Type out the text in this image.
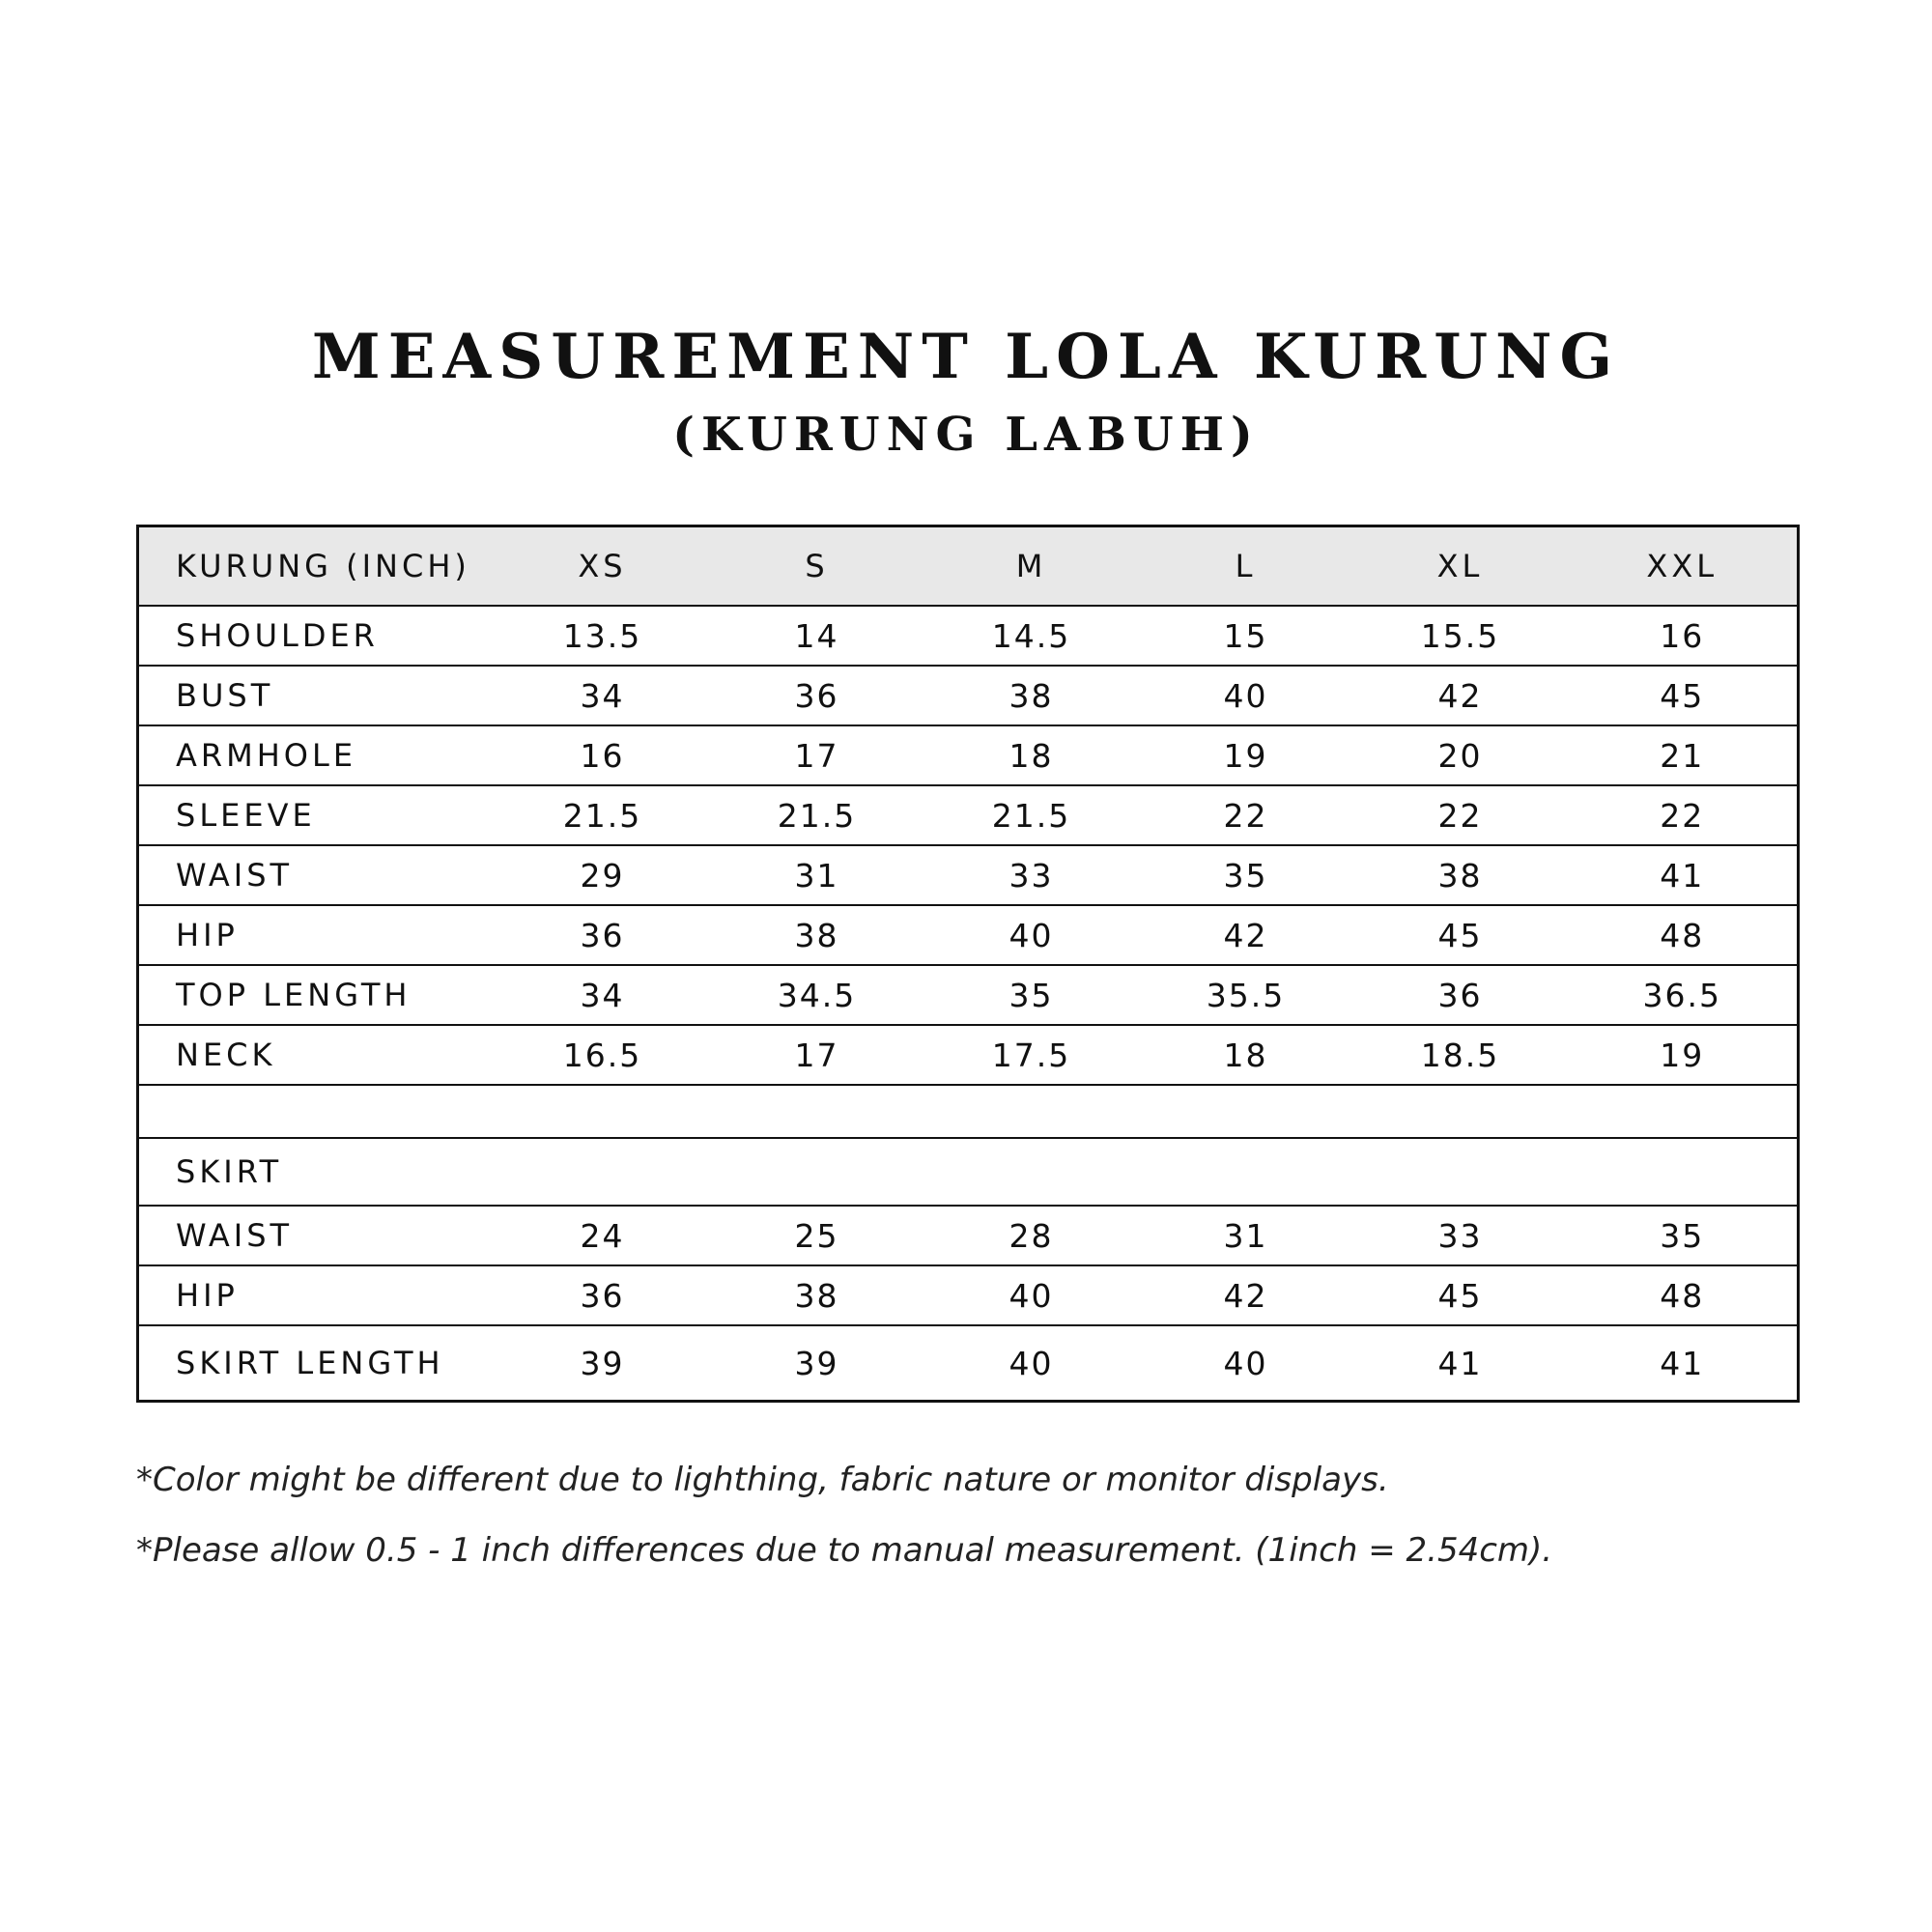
MEASUREMENT LOLA KURUNG
(KURUNG LABUH)
KURUNG (INCH)	XS	S	M	L	XL	XXL
SHOULDER	13.5	14	14.5	15	15.5	16
BUST	34	36	38	40	42	45
ARMHOLE	16	17	18	19	20	21
SLEEVE	21.5	21.5	21.5	22	22	22
WAIST	29	31	33	35	38	41
HIP	36	38	40	42	45	48
TOP LENGTH	34	34.5	35	35.5	36	36.5
NECK	16.5	17	17.5	18	18.5	19

SKIRT						
WAIST	24	25	28	31	33	35
HIP	36	38	40	42	45	48
SKIRT LENGTH	39	39	40	40	41	41

*Color might be different due to lighthing, fabric nature or monitor displays.

*Please allow 0.5 - 1 inch differences due to manual measurement. (1inch = 2.54cm).
